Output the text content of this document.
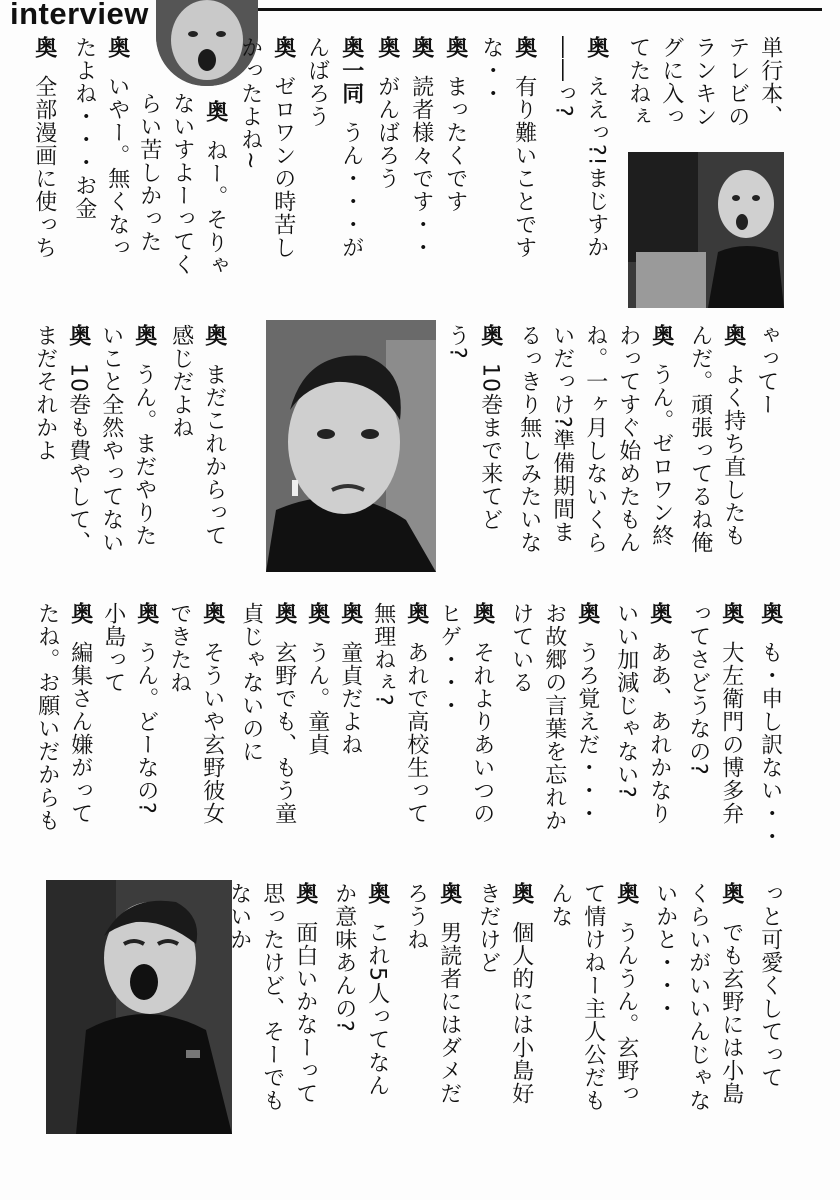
interview
単行本、
テレビの
ランキン
グに入っ
てたねぇ
奥  ええっ?!まじすか
――っ?
奥  有り難いことです
な・・
奥  まったくです
奥  読者様々です・・
奥  がんばろう
奥一同  うん・・・が
んばろう
奥  ゼロワンの時苦し
かったよね~
奥  ねー。そりゃ
ないすよーってく
らい苦しかった
奥  いやー。無くなっ
たよね・・・お金
奥  全部漫画に使っち
ゃってー
奥  よく持ち直したも
んだ。頑張ってるね俺
奥  うん。ゼロワン終
わってすぐ始めたもん
ね。一ヶ月しないくら
いだっけ?準備期間ま
るっきり無しみたいな
奥  10巻まで来てど
う?
奥  まだこれからって
感じだよね
奥  うん。まだやりた
いこと全然やってない
奥  10巻も費やして、
まだそれかよ
奥  も・申し訳ない・・
奥  大左衛門の博多弁
ってさどうなの?
奥  ああ、あれかなり
いい加減じゃない?
奥  うろ覚えだ・・・
お故郷の言葉を忘れか
けている
奥  それよりあいつの
ヒゲ・・・
奥  あれで高校生って
無理ねぇ?
奥  童貞だよね
奥  うん。童貞
奥  玄野でも、もう童
貞じゃないのに
奥  そういや玄野彼女
できたね
奥  うん。どーなの?
小島って
奥  編集さん嫌がって
たね。お願いだからも
っと可愛くしてって
奥  でも玄野には小島
くらいがいいんじゃな
いかと・・・
奥  うんうん。玄野っ
て情けねー主人公だも
んな
奥  個人的には小島好
きだけど
奥  男読者にはダメだ
ろうね
奥  これ5人ってなん
か意味あんの?
奥  面白いかなーって
思ったけど、そーでも
ないか
